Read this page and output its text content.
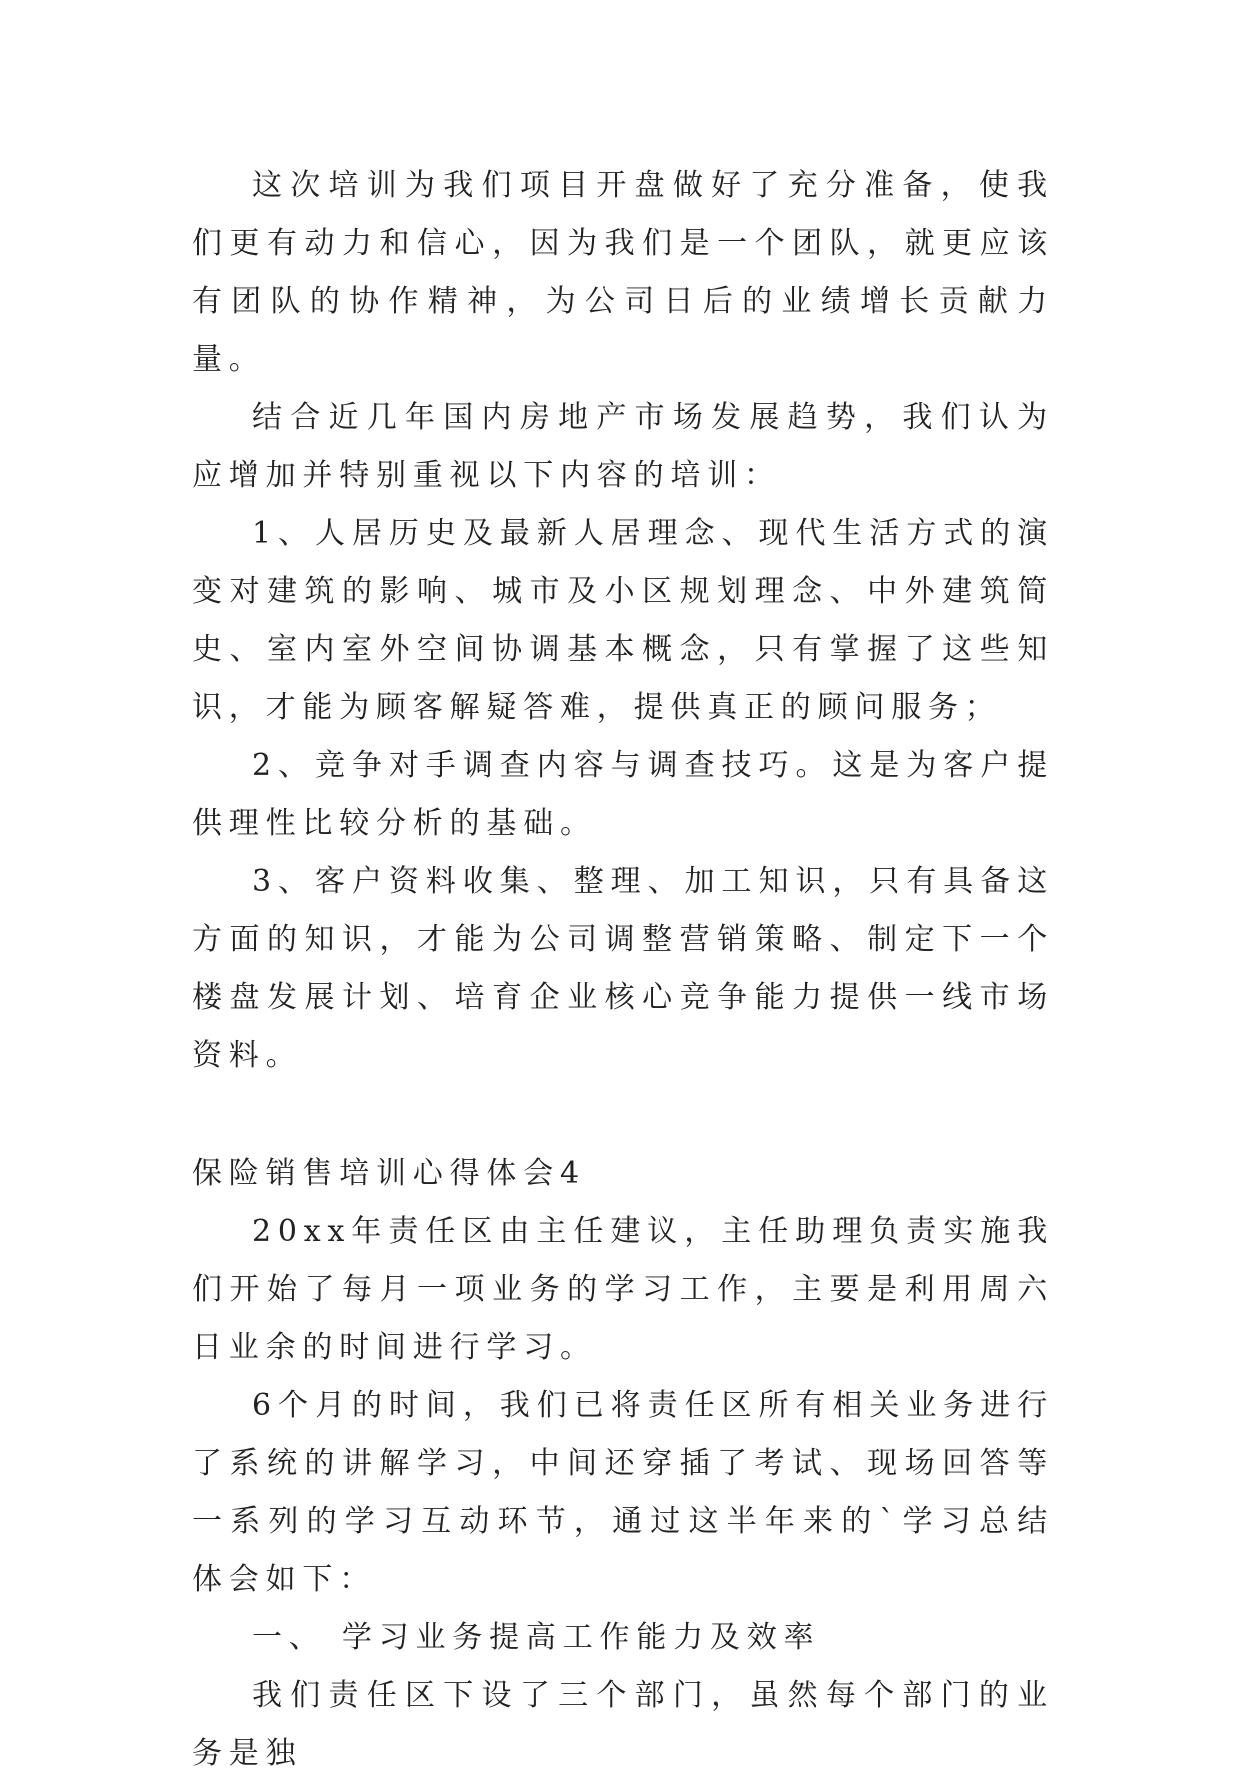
这次培训为我们项目开盘做好了充分准备，使我们更有动力和信心，因为我们是一个团队，就更应该有团队的协作精神，为公司日后的业绩增长贡献力量。

结合近几年国内房地产市场发展趋势，我们认为应增加并特别重视以下内容的培训：

1、人居历史及最新人居理念、现代生活方式的演变对建筑的影响、城市及小区规划理念、中外建筑简史、室内室外空间协调基本概念，只有掌握了这些知识，才能为顾客解疑答难，提供真正的顾问服务；

2、竞争对手调查内容与调查技巧。这是为客户提供理性比较分析的基础。

3、客户资料收集、整理、加工知识，只有具备这方面的知识，才能为公司调整营销策略、制定下一个楼盘发展计划、培育企业核心竞争能力提供一线市场资料。

保险销售培训心得体会4

20xx年责任区由主任建议，主任助理负责实施我们开始了每月一项业务的学习工作，主要是利用周六日业余的时间进行学习。

6个月的时间，我们已将责任区所有相关业务进行了系统的讲解学习，中间还穿插了考试、现场回答等一系列的学习互动环节，通过这半年来的`学习总结体会如下：

一、 学习业务提高工作能力及效率

我们责任区下设了三个部门，虽然每个部门的业务是独
